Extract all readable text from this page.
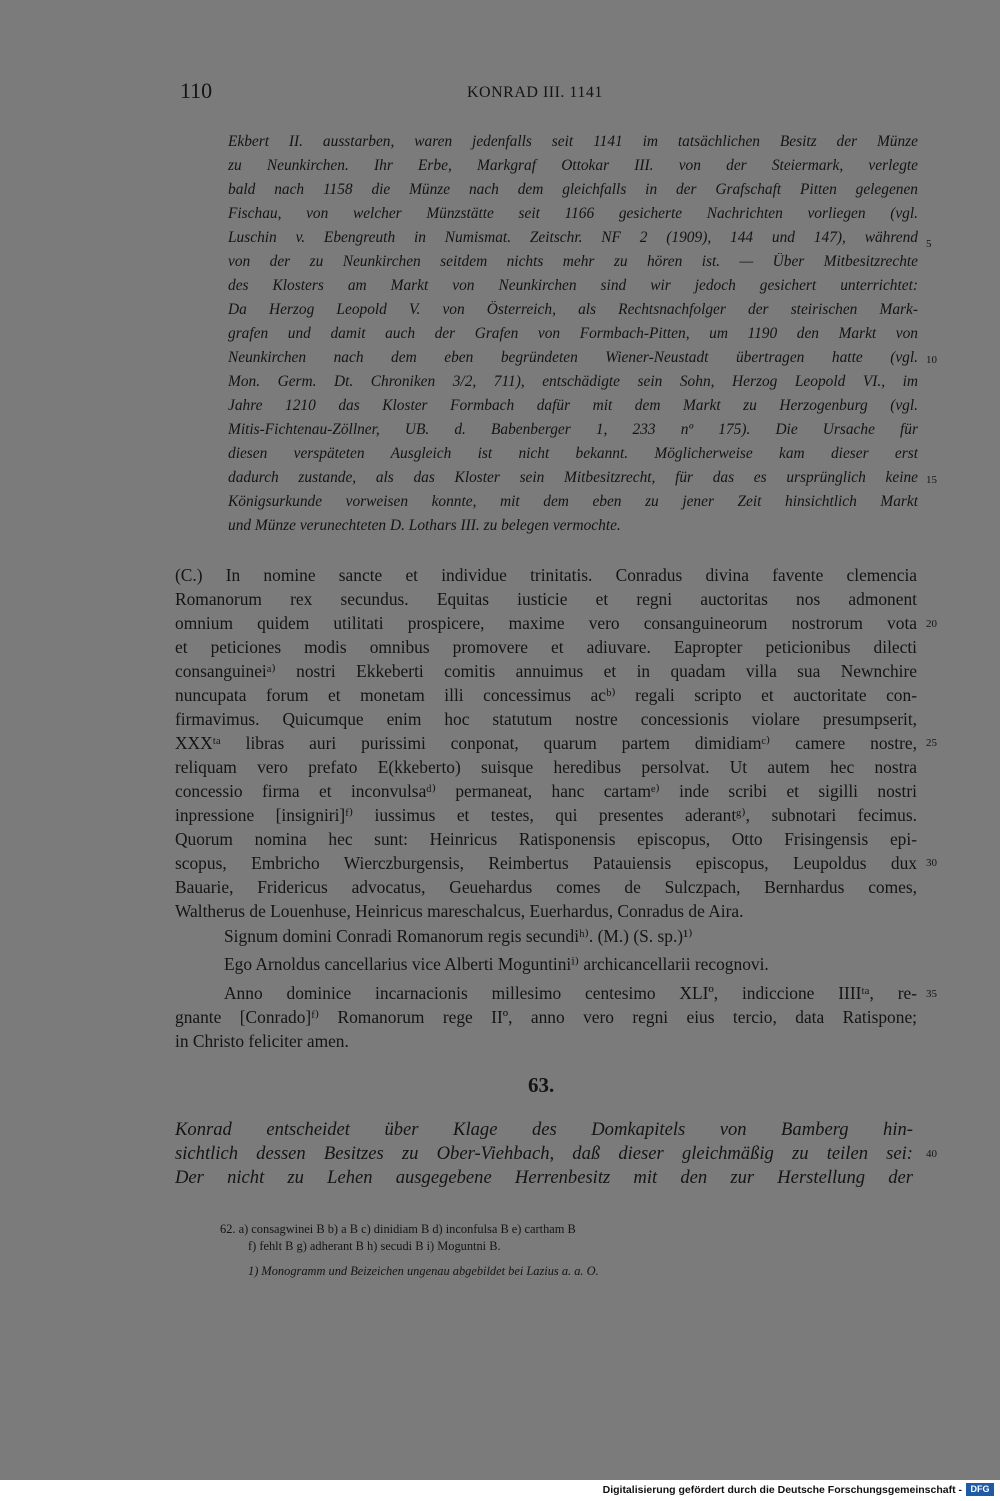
110	KONRAD III. 1141
Ekbert II. ausstarben, waren jedenfalls seit 1141 im tatsächlichen Besitz der Münze
zu Neunkirchen. Ihr Erbe, Markgraf Ottokar III. von der Steiermark, verlegte
bald nach 1158 die Münze nach dem gleichfalls in der Grafschaft Pitten gelegenen
Fischau, von welcher Münzstätte seit 1166 gesicherte Nachrichten vorliegen (vgl.
Luschin v. Ebengreuth in Numismat. Zeitschr. NF 2 (1909), 144 und 147), während
von der zu Neunkirchen seitdem nichts mehr zu hören ist. — Über Mitbesitzrechte
des Klosters am Markt von Neunkirchen sind wir jedoch gesichert unterrichtet:
Da Herzog Leopold V. von Österreich, als Rechtsnachfolger der steirischen Mark-
grafen und damit auch der Grafen von Formbach-Pitten, um 1190 den Markt von
Neunkirchen nach dem eben begründeten Wiener-Neustadt übertragen hatte (vgl.
Mon. Germ. Dt. Chroniken 3/2, 711), entschädigte sein Sohn, Herzog Leopold VI., im
Jahre 1210 das Kloster Formbach dafür mit dem Markt zu Herzogenburg (vgl.
Mitis-Fichtenau-Zöllner, UB. d. Babenberger 1, 233 nº 175). Die Ursache für
diesen verspäteten Ausgleich ist nicht bekannt. Möglicherweise kam dieser erst
dadurch zustande, als das Kloster sein Mitbesitzrecht, für das es ursprünglich keine
Königsurkunde vorweisen konnte, mit dem eben zu jener Zeit hinsichtlich Markt
und Münze verunechteten D. Lothars III. zu belegen vermochte.
(C.) In nomine sancte et individue trinitatis. Conradus divina favente clemencia
Romanorum rex secundus. Equitas iusticie et regni auctoritas nos admonent
omnium quidem utilitati prospicere, maxime vero consanguineorum nostrorum vota
et peticiones modis omnibus promovere et adiuvare. Eapropter peticionibus dilecti
consanguineiᵃ⁾ nostri Ekkeberti comitis annuimus et in quadam villa sua Newnchire
nuncupata forum et monetam illi concessimus acᵇ⁾ regali scripto et auctoritate con-
firmavimus. Quicumque enim hoc statutum nostre concessionis violare presumpserit,
XXXᵗᵃ libras auri purissimi conponat, quarum partem dimidiamᶜ⁾ camere nostre,
reliquam vero prefato E(kkeberto) suisque heredibus persolvat. Ut autem hec nostra
concessio firma et inconvulsaᵈ⁾ permaneat, hanc cartamᵉ⁾ inde scribi et sigilli nostri
inpressione [insigniri]ᶠ⁾ iussimus et testes, qui presentes aderantᵍ⁾, subnotari fecimus.
Quorum nomina hec sunt: Heinricus Ratisponensis episcopus, Otto Frisingensis epi-
scopus, Embricho Wierczburgensis, Reimbertus Patauiensis episcopus, Leupoldus dux
Bauarie, Fridericus advocatus, Geuehardus comes de Sulczpach, Bernhardus comes,
Waltherus de Louenhuse, Heinricus mareschalcus, Euerhardus, Conradus de Aira.
Signum domini Conradi Romanorum regis secundiʰ⁾. (M.) (S. sp.)¹⁾
Ego Arnoldus cancellarius vice Alberti Moguntiniⁱ⁾ archicancellarii recognovi.
Anno dominice incarnacionis millesimo centesimo XLIº, indiccione IIIIᵗᵃ, re-
gnante [Conrado]ᶠ⁾ Romanorum rege IIº, anno vero regni eius tercio, data Ratispone;
in Christo feliciter amen.
63.
Konrad entscheidet über Klage des Domkapitels von Bamberg hin-
sichtlich dessen Besitzes zu Ober-Viehbach, daß dieser gleichmäßig zu teilen sei:
Der nicht zu Lehen ausgegebene Herrenbesitz mit den zur Herstellung der
62. a) consagwinei B b) a B c) dinidiam B d) inconfulsa B e) cartham B
f) fehlt B g) adherant B h) secudi B i) Moguntni B.
1) Monogramm und Beizeichen ungenau abgebildet bei Lazius a. a. O.
5
10
15
20
25
30
35
40
Digitalisierung gefördert durch die Deutsche Forschungsgemeinschaft - DFG
